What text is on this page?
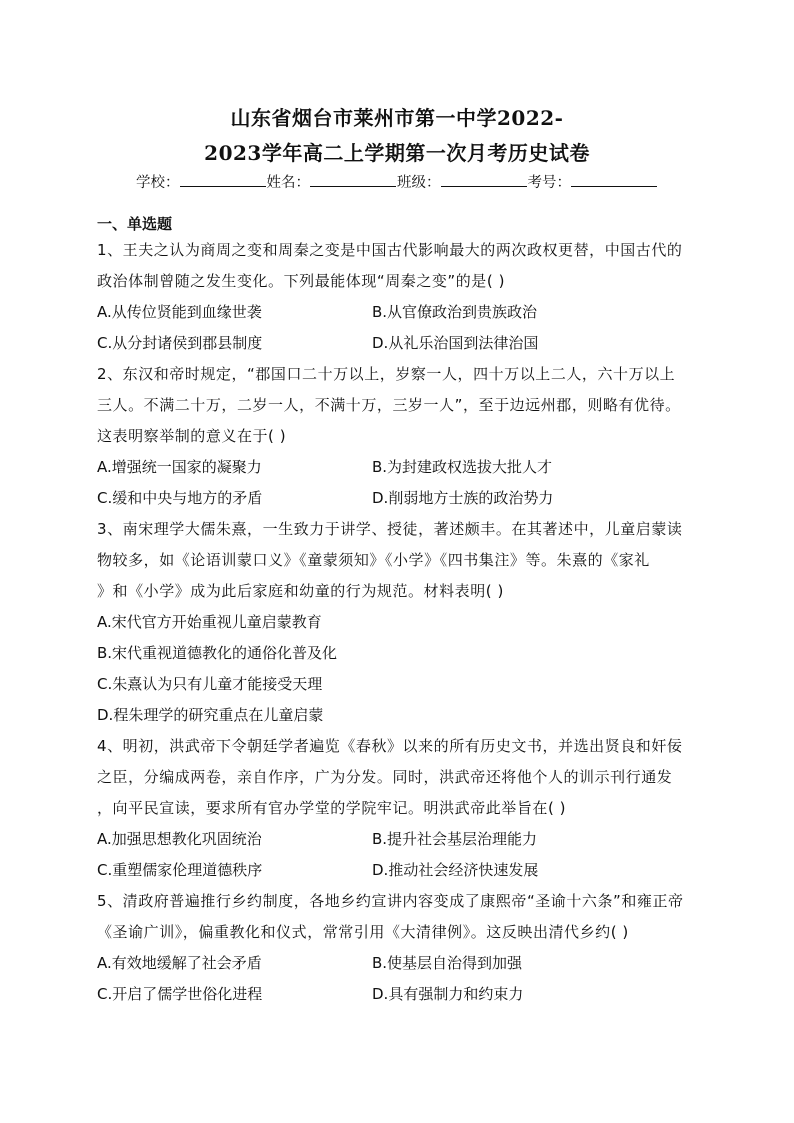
山东省烟台市莱州市第一中学2022-
2023学年高二上学期第一次月考历史试卷
学校：	姓名：	班级：	考号：
一、单选题
1、王夫之认为商周之变和周秦之变是中国古代影响最大的两次政权更替，中国古代的
政治体制曾随之发生变化。下列最能体现“周秦之变”的是( )
A.从传位贤能到血缘世袭	B.从官僚政治到贵族政治
C.从分封诸侯到郡县制度	D.从礼乐治国到法律治国
2、东汉和帝时规定，“郡国口二十万以上，岁察一人，四十万以上二人，六十万以上
三人。不满二十万，二岁一人，不满十万，三岁一人”，至于边远州郡，则略有优待。
这表明察举制的意义在于( )
A.增强统一国家的凝聚力	B.为封建政权选拔大批人才
C.缓和中央与地方的矛盾	D.削弱地方士族的政治势力
3、南宋理学大儒朱熹，一生致力于讲学、授徒，著述颇丰。在其著述中，儿童启蒙读
物较多，如《论语训蒙口义》《童蒙须知》《小学》《四书集注》等。朱熹的《家礼
》和《小学》成为此后家庭和幼童的行为规范。材料表明( )
A.宋代官方开始重视儿童启蒙教育
B.宋代重视道德教化的通俗化普及化
C.朱熹认为只有儿童才能接受天理
D.程朱理学的研究重点在儿童启蒙
4、明初，洪武帝下令朝廷学者遍览《春秋》以来的所有历史文书，并选出贤良和奸佞
之臣，分编成两卷，亲自作序，广为分发。同时，洪武帝还将他个人的训示刊行通发
，向平民宣读，要求所有官办学堂的学院牢记。明洪武帝此举旨在( )
A.加强思想教化巩固统治	B.提升社会基层治理能力
C.重塑儒家伦理道德秩序	D.推动社会经济快速发展
5、清政府普遍推行乡约制度，各地乡约宣讲内容变成了康熙帝“圣谕十六条”和雍正帝
《圣谕广训》，偏重教化和仪式，常常引用《大清律例》。这反映出清代乡约( )
A.有效地缓解了社会矛盾	B.使基层自治得到加强
C.开启了儒学世俗化进程	D.具有强制力和约束力
